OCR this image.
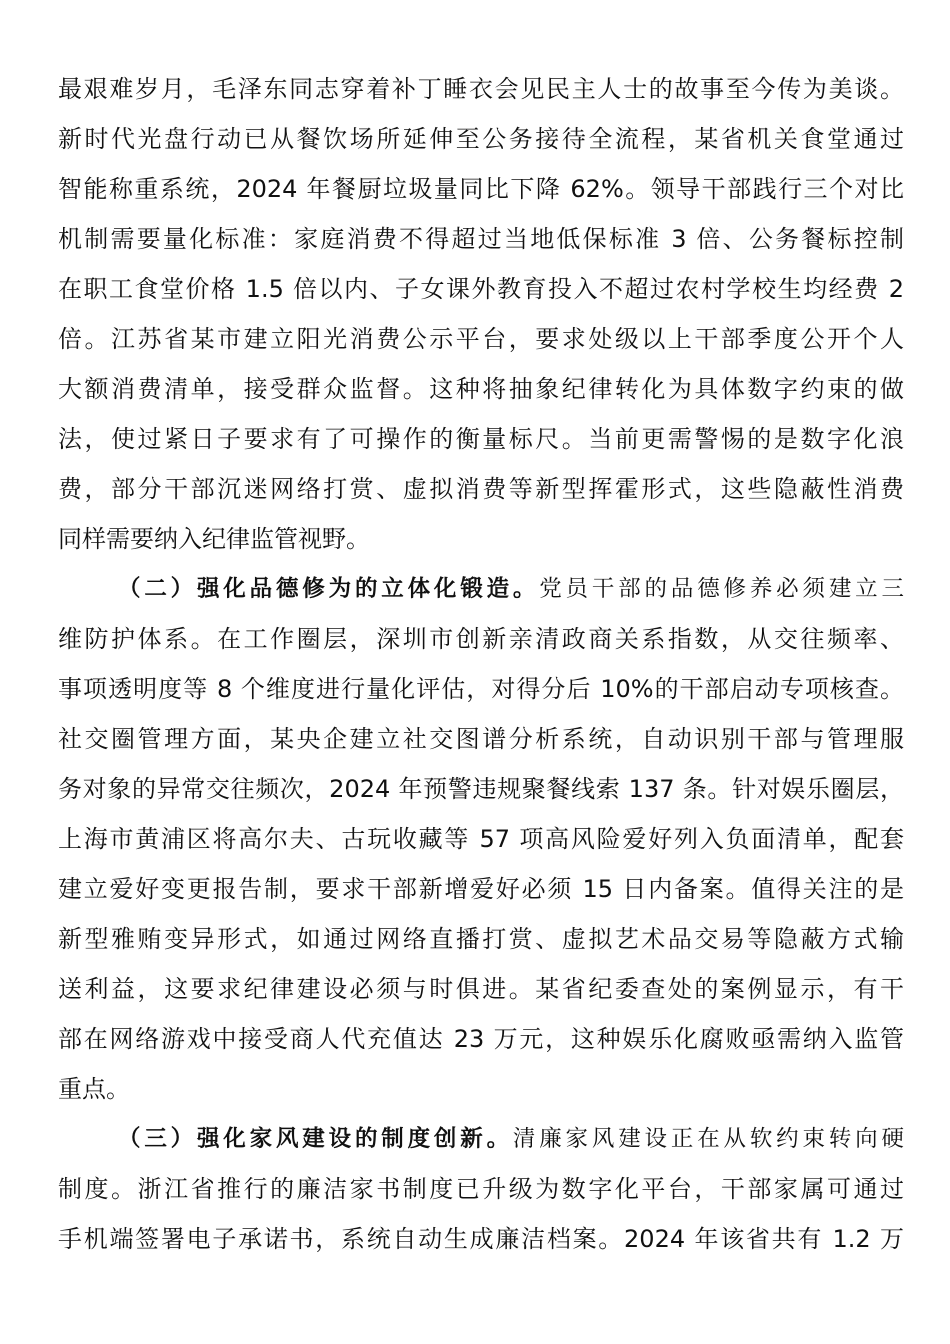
最艰难岁月，毛泽东同志穿着补丁睡衣会见民主人士的故事至今传为美谈。
新时代光盘行动已从餐饮场所延伸至公务接待全流程，某省机关食堂通过
智能称重系统，2024 年餐厨垃圾量同比下降 62%。领导干部践行三个对比
机制需要量化标准：家庭消费不得超过当地低保标准 3 倍、公务餐标控制
在职工食堂价格 1.5 倍以内、子女课外教育投入不超过农村学校生均经费 2
倍。江苏省某市建立阳光消费公示平台，要求处级以上干部季度公开个人
大额消费清单，接受群众监督。这种将抽象纪律转化为具体数字约束的做
法，使过紧日子要求有了可操作的衡量标尺。当前更需警惕的是数字化浪
费，部分干部沉迷网络打赏、虚拟消费等新型挥霍形式，这些隐蔽性消费
同样需要纳入纪律监管视野。
（二）强化品德修为的立体化锻造。党员干部的品德修养必须建立三
维防护体系。在工作圈层，深圳市创新亲清政商关系指数，从交往频率、
事项透明度等 8 个维度进行量化评估，对得分后 10%的干部启动专项核查。
社交圈管理方面，某央企建立社交图谱分析系统，自动识别干部与管理服
务对象的异常交往频次，2024 年预警违规聚餐线索 137 条。针对娱乐圈层，
上海市黄浦区将高尔夫、古玩收藏等 57 项高风险爱好列入负面清单，配套
建立爱好变更报告制，要求干部新增爱好必须 15 日内备案。值得关注的是
新型雅贿变异形式，如通过网络直播打赏、虚拟艺术品交易等隐蔽方式输
送利益，这要求纪律建设必须与时俱进。某省纪委查处的案例显示，有干
部在网络游戏中接受商人代充值达 23 万元，这种娱乐化腐败亟需纳入监管
重点。
（三）强化家风建设的制度创新。清廉家风建设正在从软约束转向硬
制度。浙江省推行的廉洁家书制度已升级为数字化平台，干部家属可通过
手机端签署电子承诺书，系统自动生成廉洁档案。2024 年该省共有 1.2 万
